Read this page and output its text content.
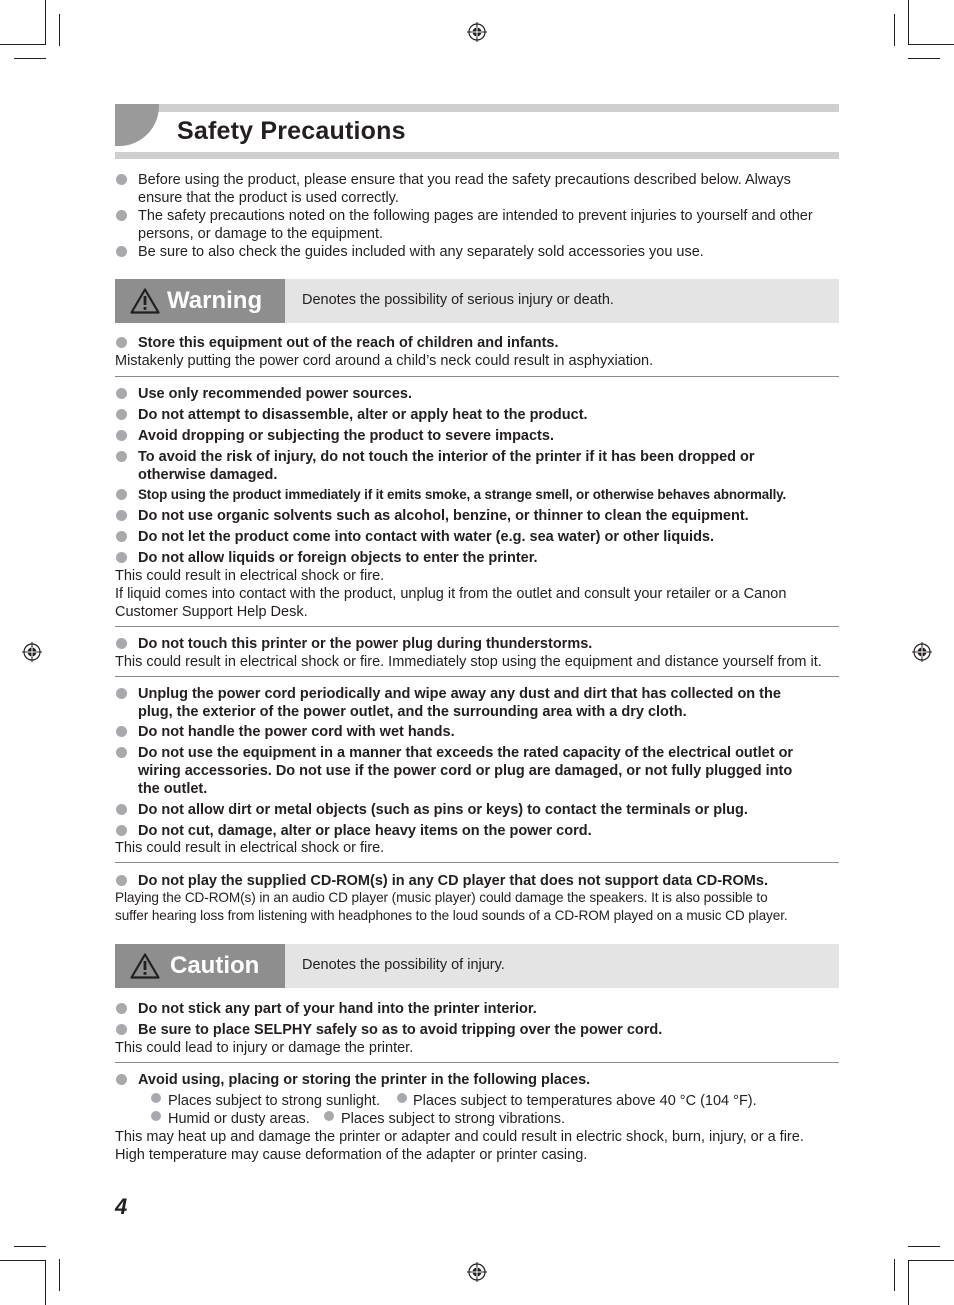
Safety Precautions
Before using the product, please ensure that you read the safety precautions described below. Always
ensure that the product is used correctly.
The safety precautions noted on the following pages are intended to prevent injuries to yourself and other
persons, or damage to the equipment.
Be sure to also check the guides included with any separately sold accessories you use.
Warning	Denotes the possibility of serious injury or death.
Store this equipment out of the reach of children and infants.
Mistakenly putting the power cord around a child’s neck could result in asphyxiation.
Use only recommended power sources.
Do not attempt to disassemble, alter or apply heat to the product.
Avoid dropping or subjecting the product to severe impacts.
To avoid the risk of injury, do not touch the interior of the printer if it has been dropped or
otherwise damaged.
Stop using the product immediately if it emits smoke, a strange smell, or otherwise behaves abnormally.
Do not use organic solvents such as alcohol, benzine, or thinner to clean the equipment.
Do not let the product come into contact with water (e.g. sea water) or other liquids.
Do not allow liquids or foreign objects to enter the printer.
This could result in electrical shock or fire.
If liquid comes into contact with the product, unplug it from the outlet and consult your retailer or a Canon
Customer Support Help Desk.
Do not touch this printer or the power plug during thunderstorms.
This could result in electrical shock or fire. Immediately stop using the equipment and distance yourself from it.
Unplug the power cord periodically and wipe away any dust and dirt that has collected on the
plug, the exterior of the power outlet, and the surrounding area with a dry cloth.
Do not handle the power cord with wet hands.
Do not use the equipment in a manner that exceeds the rated capacity of the electrical outlet or
wiring accessories. Do not use if the power cord or plug are damaged, or not fully plugged into
the outlet.
Do not allow dirt or metal objects (such as pins or keys) to contact the terminals or plug.
Do not cut, damage, alter or place heavy items on the power cord.
This could result in electrical shock or fire.
Do not play the supplied CD-ROM(s) in any CD player that does not support data CD-ROMs.
Playing the CD-ROM(s) in an audio CD player (music player) could damage the speakers. It is also possible to
suffer hearing loss from listening with headphones to the loud sounds of a CD-ROM played on a music CD player.
Caution	Denotes the possibility of injury.
Do not stick any part of your hand into the printer interior.
Be sure to place SELPHY safely so as to avoid tripping over the power cord.
This could lead to injury or damage the printer.
Avoid using, placing or storing the printer in the following places.
Places subject to strong sunlight. Places subject to temperatures above 40 °C (104 °F).
Humid or dusty areas. Places subject to strong vibrations.
This may heat up and damage the printer or adapter and could result in electric shock, burn, injury, or a fire.
High temperature may cause deformation of the adapter or printer casing.
4
